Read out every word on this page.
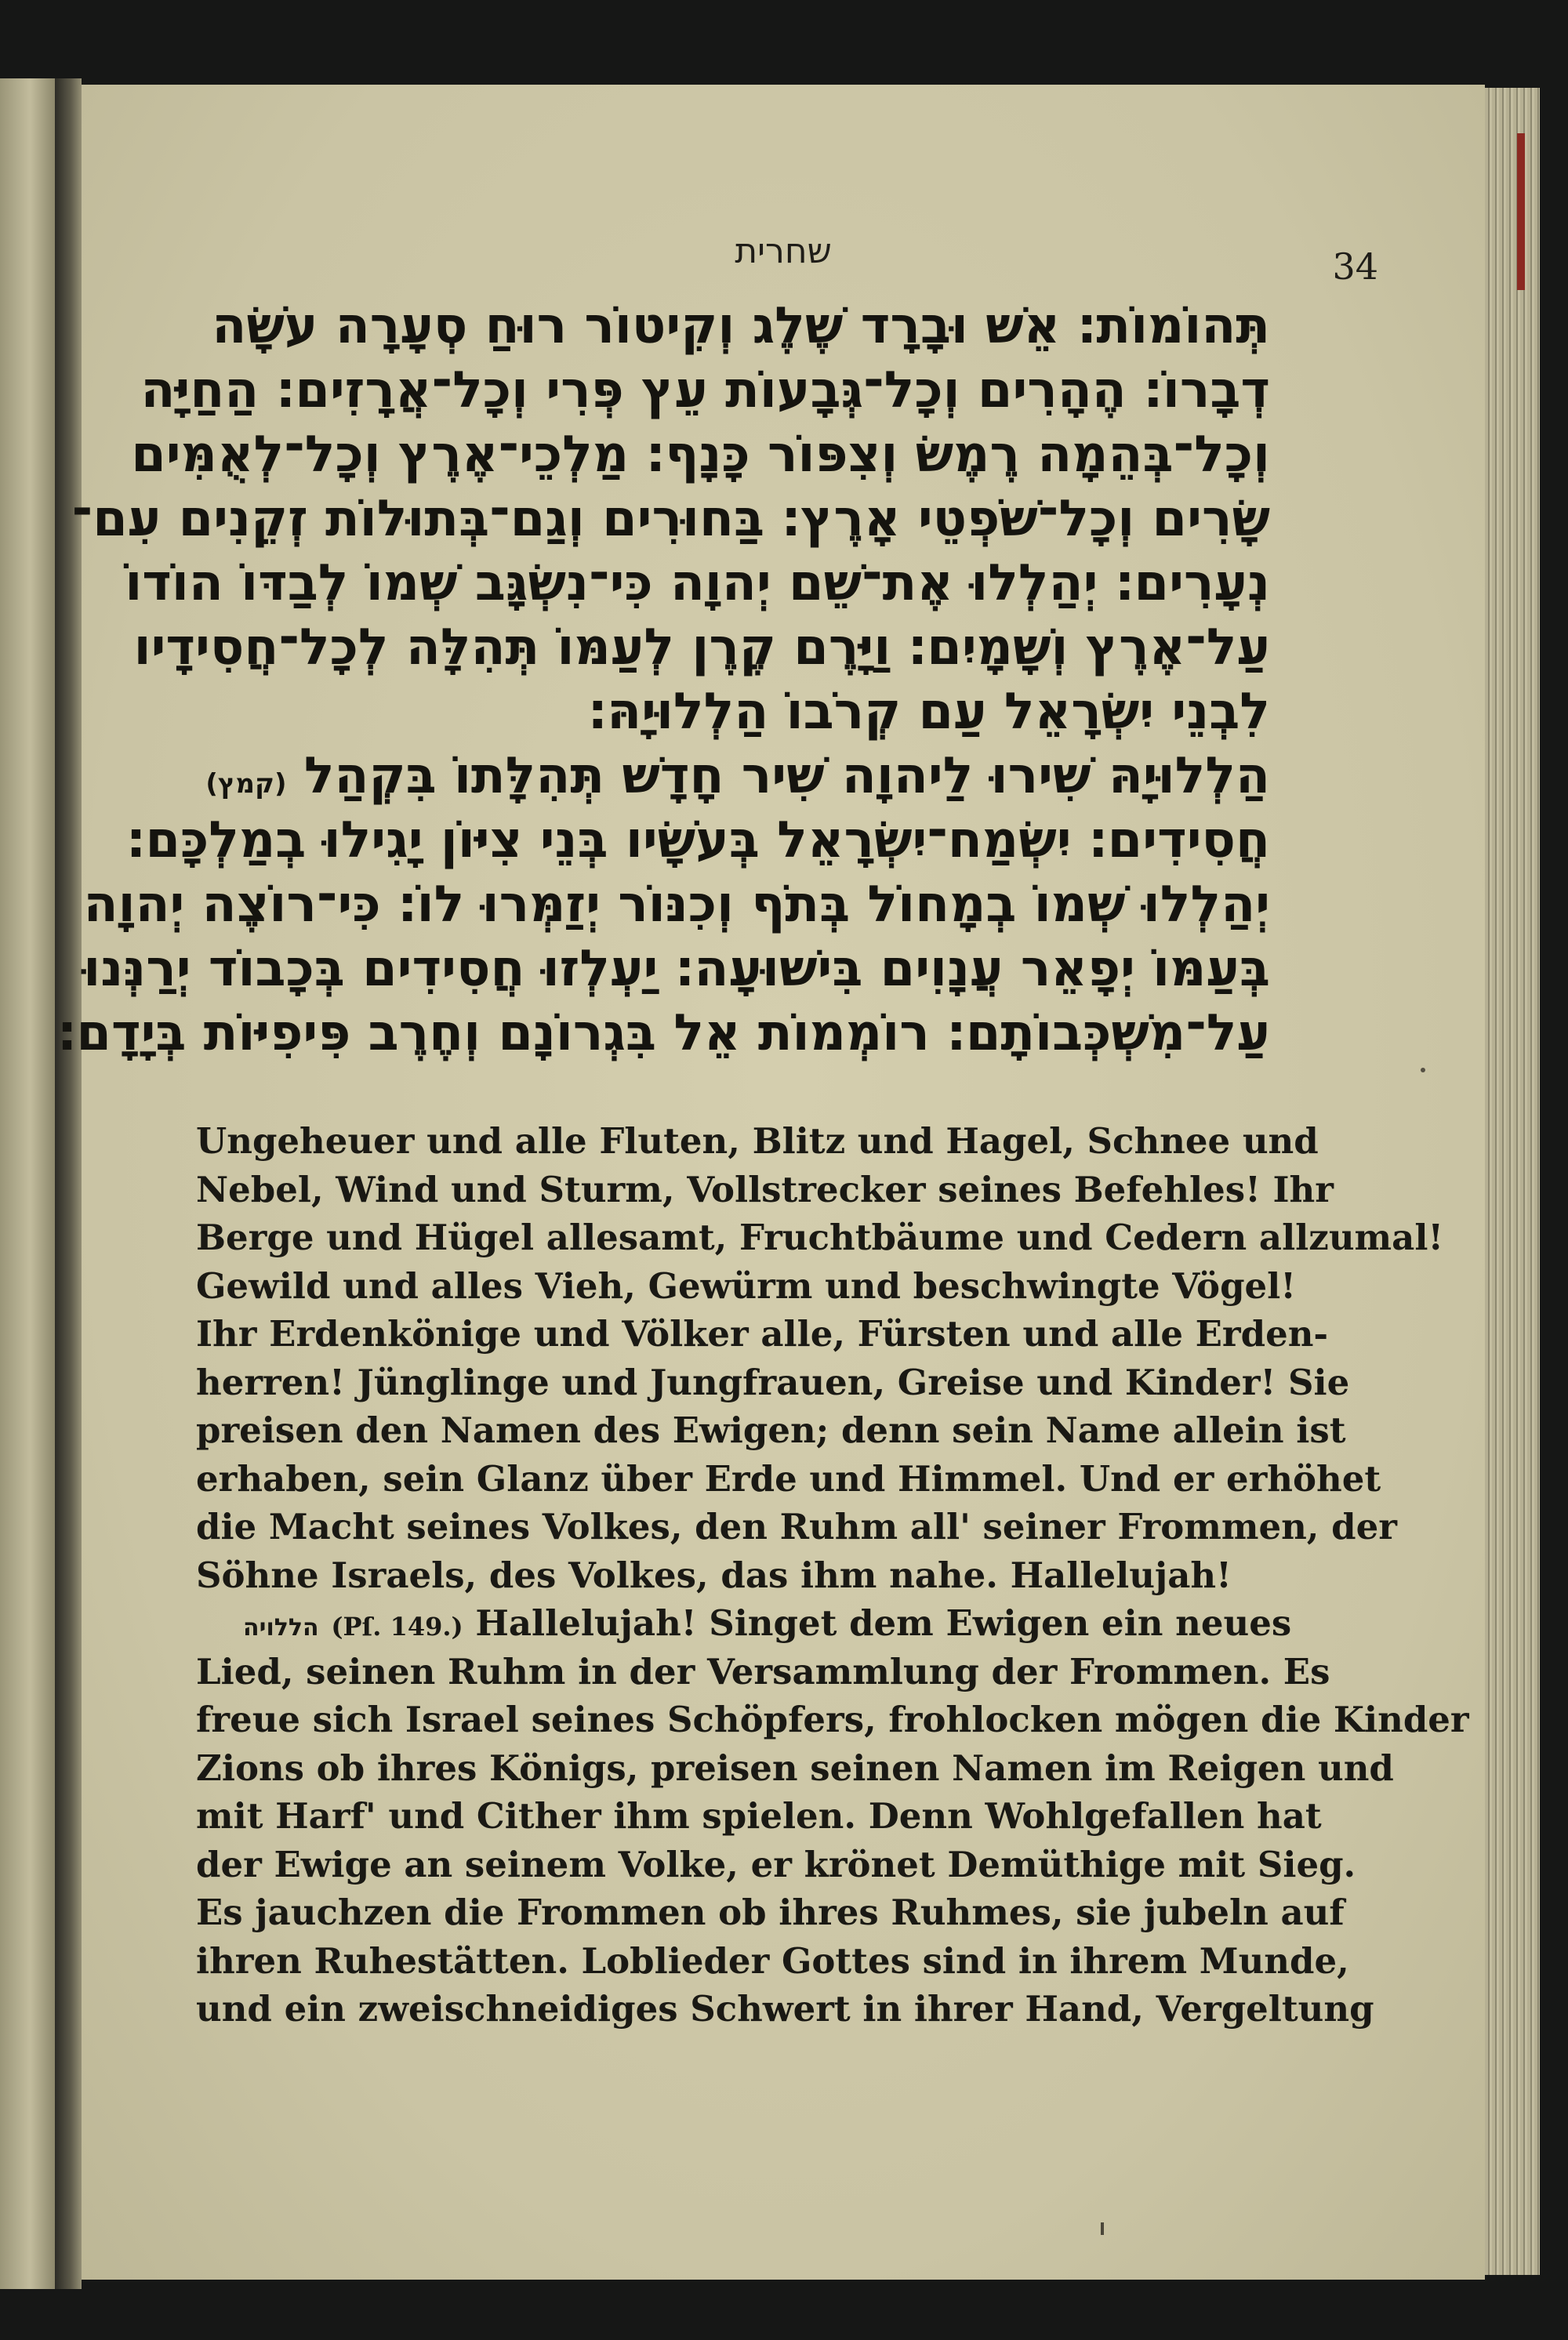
שחרית	34
תְּהוֹמוֹת׃ אֵשׁ וּבָרָד שֶׁלֶג וְקִיטוֹר רוּחַ סְעָרָה עֹשָׂה
דְבָרוֹ׃ הֶהָרִים וְכָל־גְּבָעוֹת עֵץ פְּרִי וְכָל־אֲרָזִים׃ הַחַיָּה
וְכָל־בְּהֵמָה רֶמֶשׂ וְצִפּוֹר כָּנָף׃ מַלְכֵי־אֶרֶץ וְכָל־לְאֻמִּים
שָׂרִים וְכָל־שֹׁפְטֵי אָרֶץ׃ בַּחוּרִים וְגַם־בְּתוּלוֹת זְקֵנִים עִם־
נְעָרִים׃ יְהַלְלוּ אֶת־שֵׁם יְהוָה כִּי־נִשְׂגָּב שְׁמוֹ לְבַדּוֹ הוֹדוֹ
עַל־אֶרֶץ וְשָׁמָיִם׃ וַיָּרֶם קֶרֶן לְעַמּוֹ תְּהִלָּה לְכָל־חֲסִידָיו
לִבְנֵי יִשְׂרָאֵל עַם קְרֹבוֹ הַלְלוּיָהּ׃
הַלְלוּיָהּ שִׁירוּ לַיהוָה שִׁיר חָדָשׁ תְּהִלָּתוֹ בִּקְהַל (קמץ)
חֲסִידִים׃ יִשְׂמַח־יִשְׂרָאֵל בְּעֹשָׂיו בְּנֵי צִיּוֹן יָגִילוּ בְמַלְכָּם׃
יְהַלְלוּ שְׁמוֹ בְמָחוֹל בְּתֹף וְכִנּוֹר יְזַמְּרוּ לוֹ׃ כִּי־רוֹצֶה יְהוָה
בְּעַמּוֹ יְפָאֵר עֲנָוִים בִּישׁוּעָה׃ יַעְלְזוּ חֲסִידִים בְּכָבוֹד יְרַנְּנוּ
עַל־מִשְׁכְּבוֹתָם׃ רוֹמְמוֹת אֵל בִּגְרוֹנָם וְחֶרֶב פִּיפִיּוֹת בְּיָדָם׃
Ungeheuer und alle Fluten, Blitz und Hagel, Schnee und
Nebel, Wind und Sturm, Vollstrecker seines Befehles! Ihr
Berge und Hügel allesamt, Fruchtbäume und Cedern allzumal!
Gewild und alles Vieh, Gewürm und beschwingte Vögel!
Ihr Erdenkönige und Völker alle, Fürsten und alle Erden-
herren! Jünglinge und Jungfrauen, Greise und Kinder! Sie
preisen den Namen des Ewigen; denn sein Name allein ist
erhaben, sein Glanz über Erde und Himmel. Und er erhöhet
die Macht seines Volkes, den Ruhm all' seiner Frommen, der
Söhne Israels, des Volkes, das ihm nahe. Hallelujah!
הללויה (Pſ. 149.) Hallelujah! Singet dem Ewigen ein neues
Lied, seinen Ruhm in der Versammlung der Frommen. Es
freue sich Israel seines Schöpfers, frohlocken mögen die Kinder
Zions ob ihres Königs, preisen seinen Namen im Reigen und
mit Harf' und Cither ihm spielen. Denn Wohlgefallen hat
der Ewige an seinem Volke, er krönet Demüthige mit Sieg.
Es jauchzen die Frommen ob ihres Ruhmes, sie jubeln auf
ihren Ruhestätten. Loblieder Gottes sind in ihrem Munde,
und ein zweischneidiges Schwert in ihrer Hand, Vergeltung
